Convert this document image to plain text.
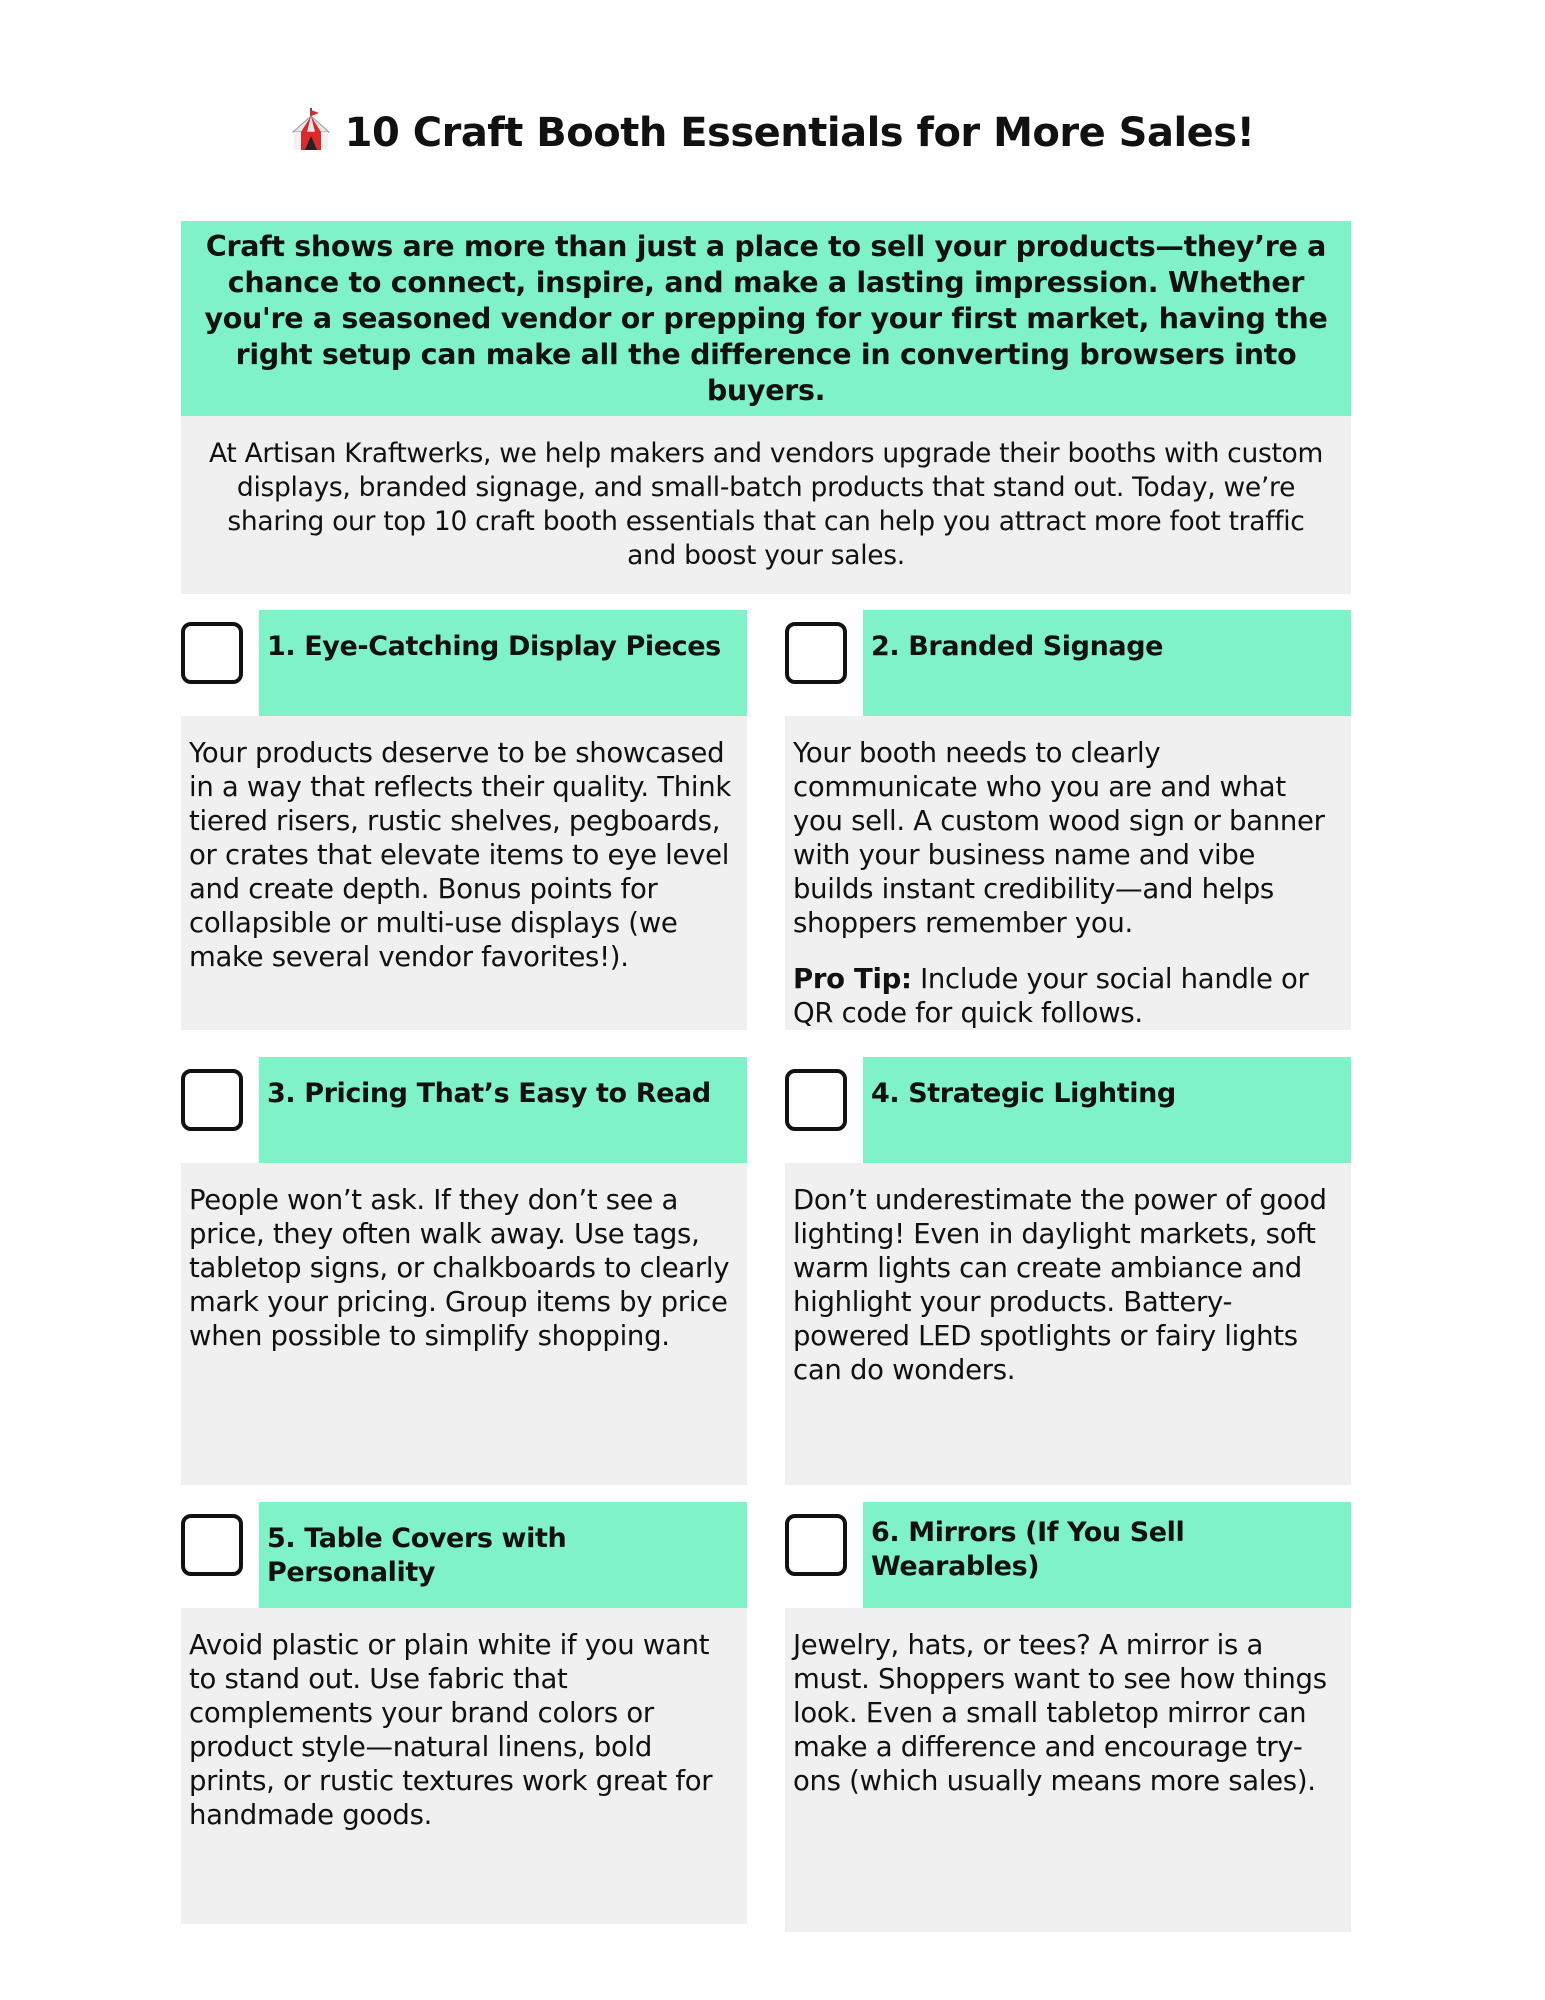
10 Craft Booth Essentials for More Sales!
Craft shows are more than just a place to sell your products—they’re a chance to connect, inspire, and make a lasting impression. Whether you're a seasoned vendor or prepping for your first market, having the right setup can make all the difference in converting browsers into buyers.
At Artisan Kraftwerks, we help makers and vendors upgrade their booths with custom displays, branded signage, and small-batch products that stand out. Today, we’re sharing our top 10 craft booth essentials that can help you attract more foot traffic and boost your sales.
1. Eye-Catching Display Pieces

Your products deserve to be showcased in a way that reflects their quality. Think tiered risers, rustic shelves, pegboards, or crates that elevate items to eye level and create depth. Bonus points for collapsible or multi-use displays (we make several vendor favorites!).

2. Branded Signage

Your booth needs to clearly communicate who you are and what you sell. A custom wood sign or banner with your business name and vibe builds instant credibility—and helps shoppers remember you.

Pro Tip: Include your social handle or QR code for quick follows.

3. Pricing That’s Easy to Read

People won’t ask. If they don’t see a price, they often walk away. Use tags, tabletop signs, or chalkboards to clearly mark your pricing. Group items by price when possible to simplify shopping.

4. Strategic Lighting

Don’t underestimate the power of good lighting! Even in daylight markets, soft warm lights can create ambiance and highlight your products. Battery-powered LED spotlights or fairy lights can do wonders.

5. Table Covers with Personality

Avoid plastic or plain white if you want to stand out. Use fabric that complements your brand colors or product style—natural linens, bold prints, or rustic textures work great for handmade goods.

6. Mirrors (If You Sell Wearables)

Jewelry, hats, or tees? A mirror is a must. Shoppers want to see how things look. Even a small tabletop mirror can make a difference and encourage try-ons (which usually means more sales).
